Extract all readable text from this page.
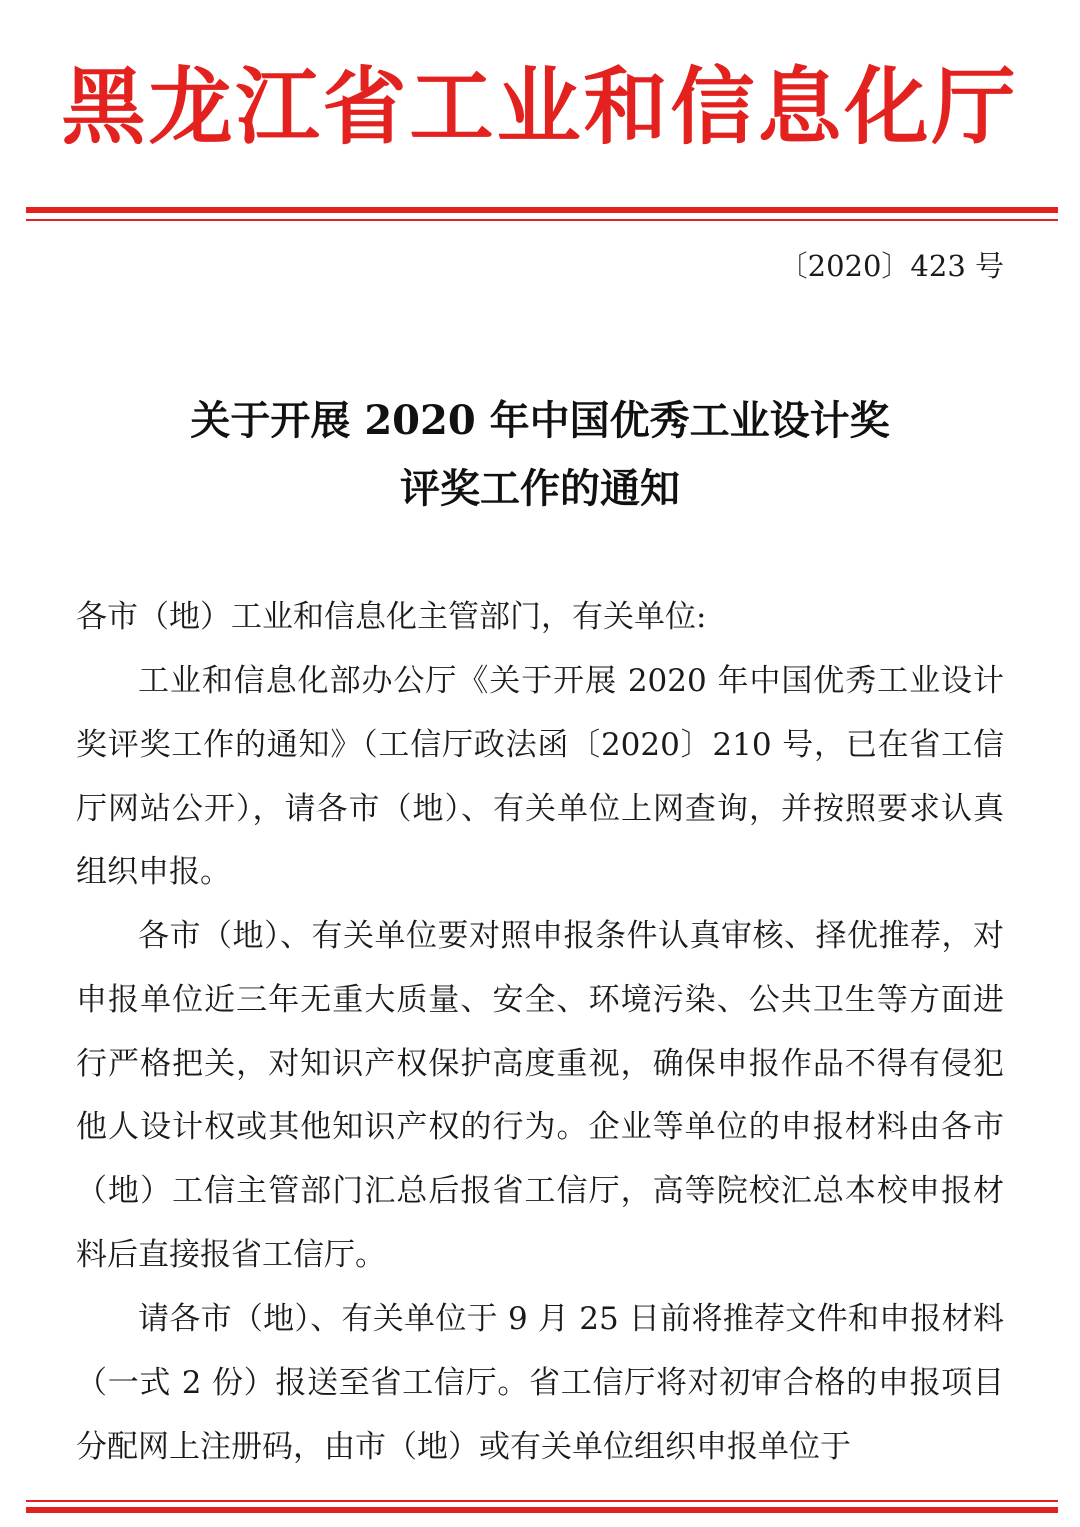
黑龙江省工业和信息化厅
〔2020〕423 号
关于开展 2020 年中国优秀工业设计奖
评奖工作的通知
各市（地）工业和信息化主管部门，有关单位:

工业和信息化部办公厅《关于开展 2020 年中国优秀工业设计奖评奖工作的通知》（工信厅政法函〔2020〕210 号，已在省工信厅网站公开），请各市（地）、有关单位上网查询，并按照要求认真组织申报。

各市（地）、有关单位要对照申报条件认真审核、择优推荐，对申报单位近三年无重大质量、安全、环境污染、公共卫生等方面进行严格把关，对知识产权保护高度重视，确保申报作品不得有侵犯他人设计权或其他知识产权的行为。企业等单位的申报材料由各市（地）工信主管部门汇总后报省工信厅，高等院校汇总本校申报材料后直接报省工信厅。

请各市（地）、有关单位于 9 月 25 日前将推荐文件和申报材料（一式 2 份）报送至省工信厅。省工信厅将对初审合格的申报项目分配网上注册码，由市（地）或有关单位组织申报单位于
